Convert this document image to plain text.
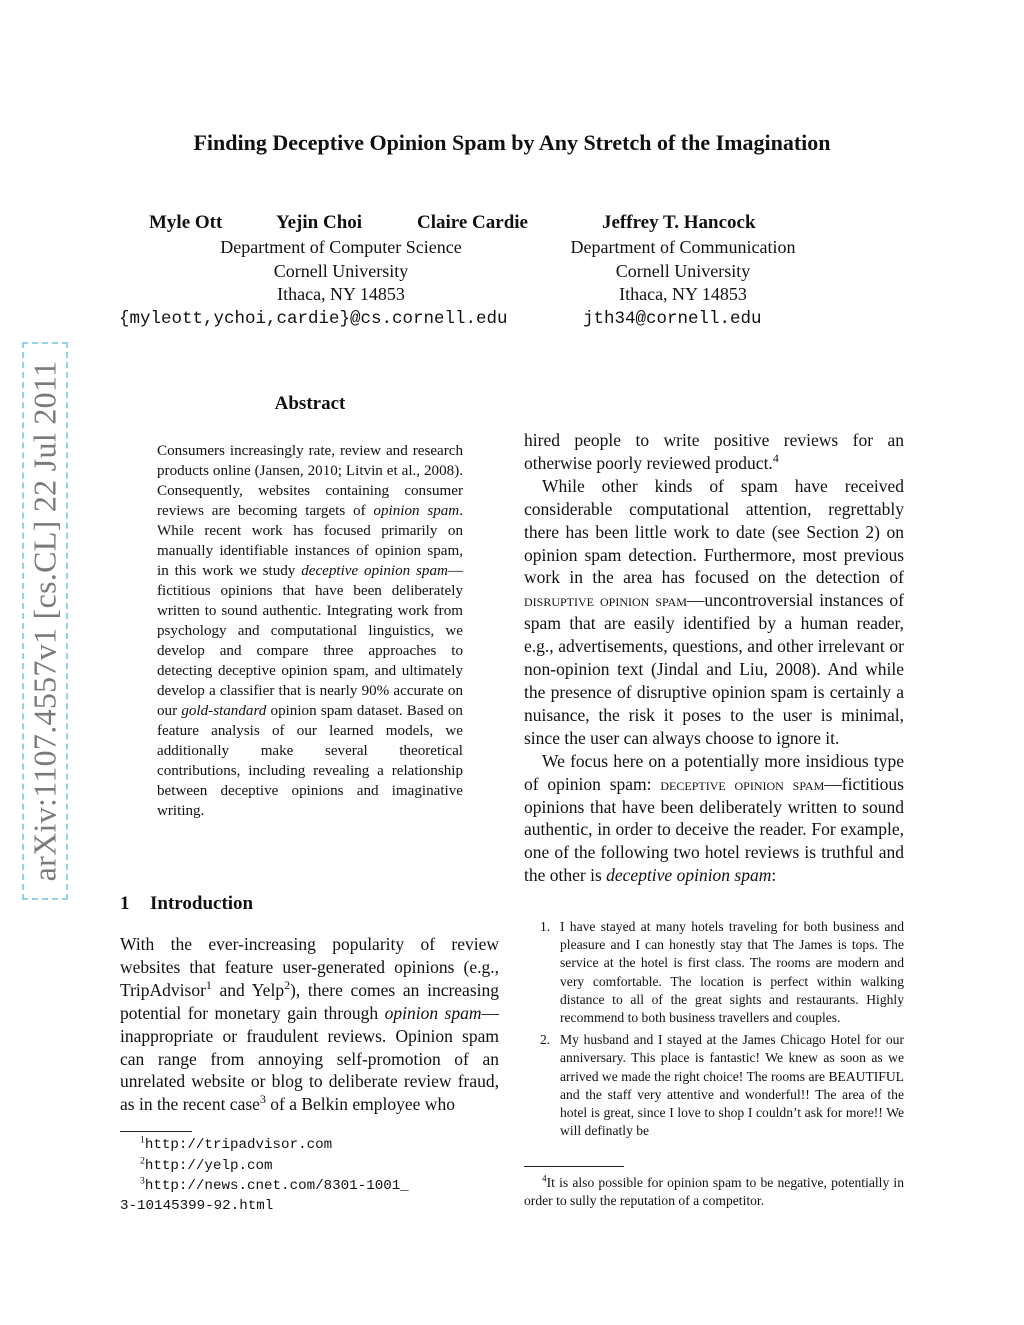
Finding Deceptive Opinion Spam by Any Stretch of the Imagination
Myle Ott	Yejin Choi	Claire Cardie	Jeffrey T. Hancock
Department of Computer Science
Cornell University
Ithaca, NY 14853
Department of Communication
Cornell University
Ithaca, NY 14853
{myleott,ychoi,cardie}@cs.cornell.edu	jth34@cornell.edu
arXiv:1107.4557v1 [cs.CL] 22 Jul 2011	Abstract
Consumers increasingly rate, review and research products online (Jansen, 2010; Litvin et al., 2008). Consequently, websites containing consumer reviews are becoming targets of opinion spam. While recent work has focused primarily on manually identifiable instances of opinion spam, in this work we study deceptive opinion spam—fictitious opinions that have been deliberately written to sound authentic. Integrating work from psychology and computational linguistics, we develop and compare three approaches to detecting deceptive opinion spam, and ultimately develop a classifier that is nearly 90% accurate on our gold-standard opinion spam dataset. Based on feature analysis of our learned models, we additionally make several theoretical contributions, including revealing a relationship between deceptive opinions and imaginative writing.
1 Introduction
With the ever-increasing popularity of review websites that feature user-generated opinions (e.g., TripAdvisor$^1$ and Yelp$^2$), there comes an increasing potential for monetary gain through opinion spam—inappropriate or fraudulent reviews. Opinion spam can range from annoying self-promotion of an unrelated website or blog to deliberate review fraud, as in the recent case$^3$ of a Belkin employee who
$^1$http://tripadvisor.com
$^2$http://yelp.com
$^3$http://news.cnet.com/8301-1001_
3-10145399-92.html

hired people to write positive reviews for an otherwise poorly reviewed product.$^4$

While other kinds of spam have received considerable computational attention, regrettably there has been little work to date (see Section 2) on opinion spam detection. Furthermore, most previous work in the area has focused on the detection of disruptive opinion spam—uncontroversial instances of spam that are easily identified by a human reader, e.g., advertisements, questions, and other irrelevant or non-opinion text (Jindal and Liu, 2008). And while the presence of disruptive opinion spam is certainly a nuisance, the risk it poses to the user is minimal, since the user can always choose to ignore it.

We focus here on a potentially more insidious type of opinion spam: deceptive opinion spam—fictitious opinions that have been deliberately written to sound authentic, in order to deceive the reader. For example, one of the following two hotel reviews is truthful and the other is deceptive opinion spam:

1. I have stayed at many hotels traveling for both business and pleasure and I can honestly stay that The James is tops. The service at the hotel is first class. The rooms are modern and very comfortable. The location is perfect within walking distance to all of the great sights and restaurants. Highly recommend to both business travellers and couples.
2. My husband and I stayed at the James Chicago Hotel for our anniversary. This place is fantastic! We knew as soon as we arrived we made the right choice! The rooms are BEAUTIFUL and the staff very attentive and wonderful!! The area of the hotel is great, since I love to shop I couldn’t ask for more!! We will definatly be
$^4$It is also possible for opinion spam to be negative, potentially in order to sully the reputation of a competitor.
